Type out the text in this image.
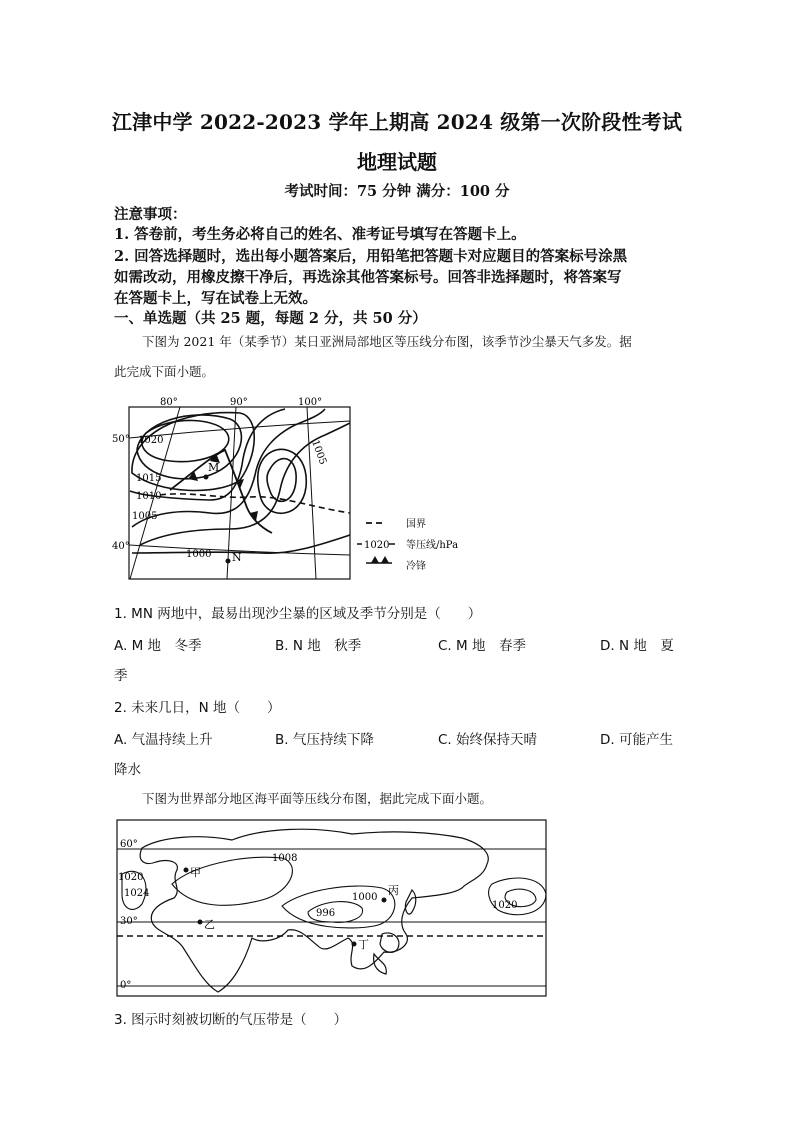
江津中学 2022-2023 学年上期高 2024 级第一次阶段性考试
地理试题
考试时间：75 分钟 满分：100 分
注意事项：
1. 答卷前，考生务必将自己的姓名、准考证号填写在答题卡上。
2. 回答选择题时，选出每小题答案后，用铅笔把答题卡对应题目的答案标号涂黑
如需改动，用橡皮擦干净后，再选涂其他答案标号。回答非选择题时，将答案写
在答题卡上，写在试卷上无效。
一、单选题（共 25 题，每题 2 分，共 50 分）
下图为 2021 年（某季节）某日亚洲局部地区等压线分布图，该季节沙尘暴天气多发。据
此完成下面小题。
80°	90°	100°
50°
40°
1020
1015
1010
1005
1000
1005
M
N
国界
1020 等压线/hPa
冷锋
1. MN 两地中，最易出现沙尘暴的区域及季节分别是（　　）
A. M 地　冬季	B. N 地　秋季	C. M 地　春季	D. N 地　夏
季
2. 未来几日，N 地（　　）
A. 气温持续上升	B. 气压持续下降	C. 始终保持天晴	D. 可能产生
降水
下图为世界部分地区海平面等压线分布图，据此完成下面小题。
60°
30°
0°
1008
1020
1024
996
1000
1020
甲
乙
丙
丁
3. 图示时刻被切断的气压带是（　　）
